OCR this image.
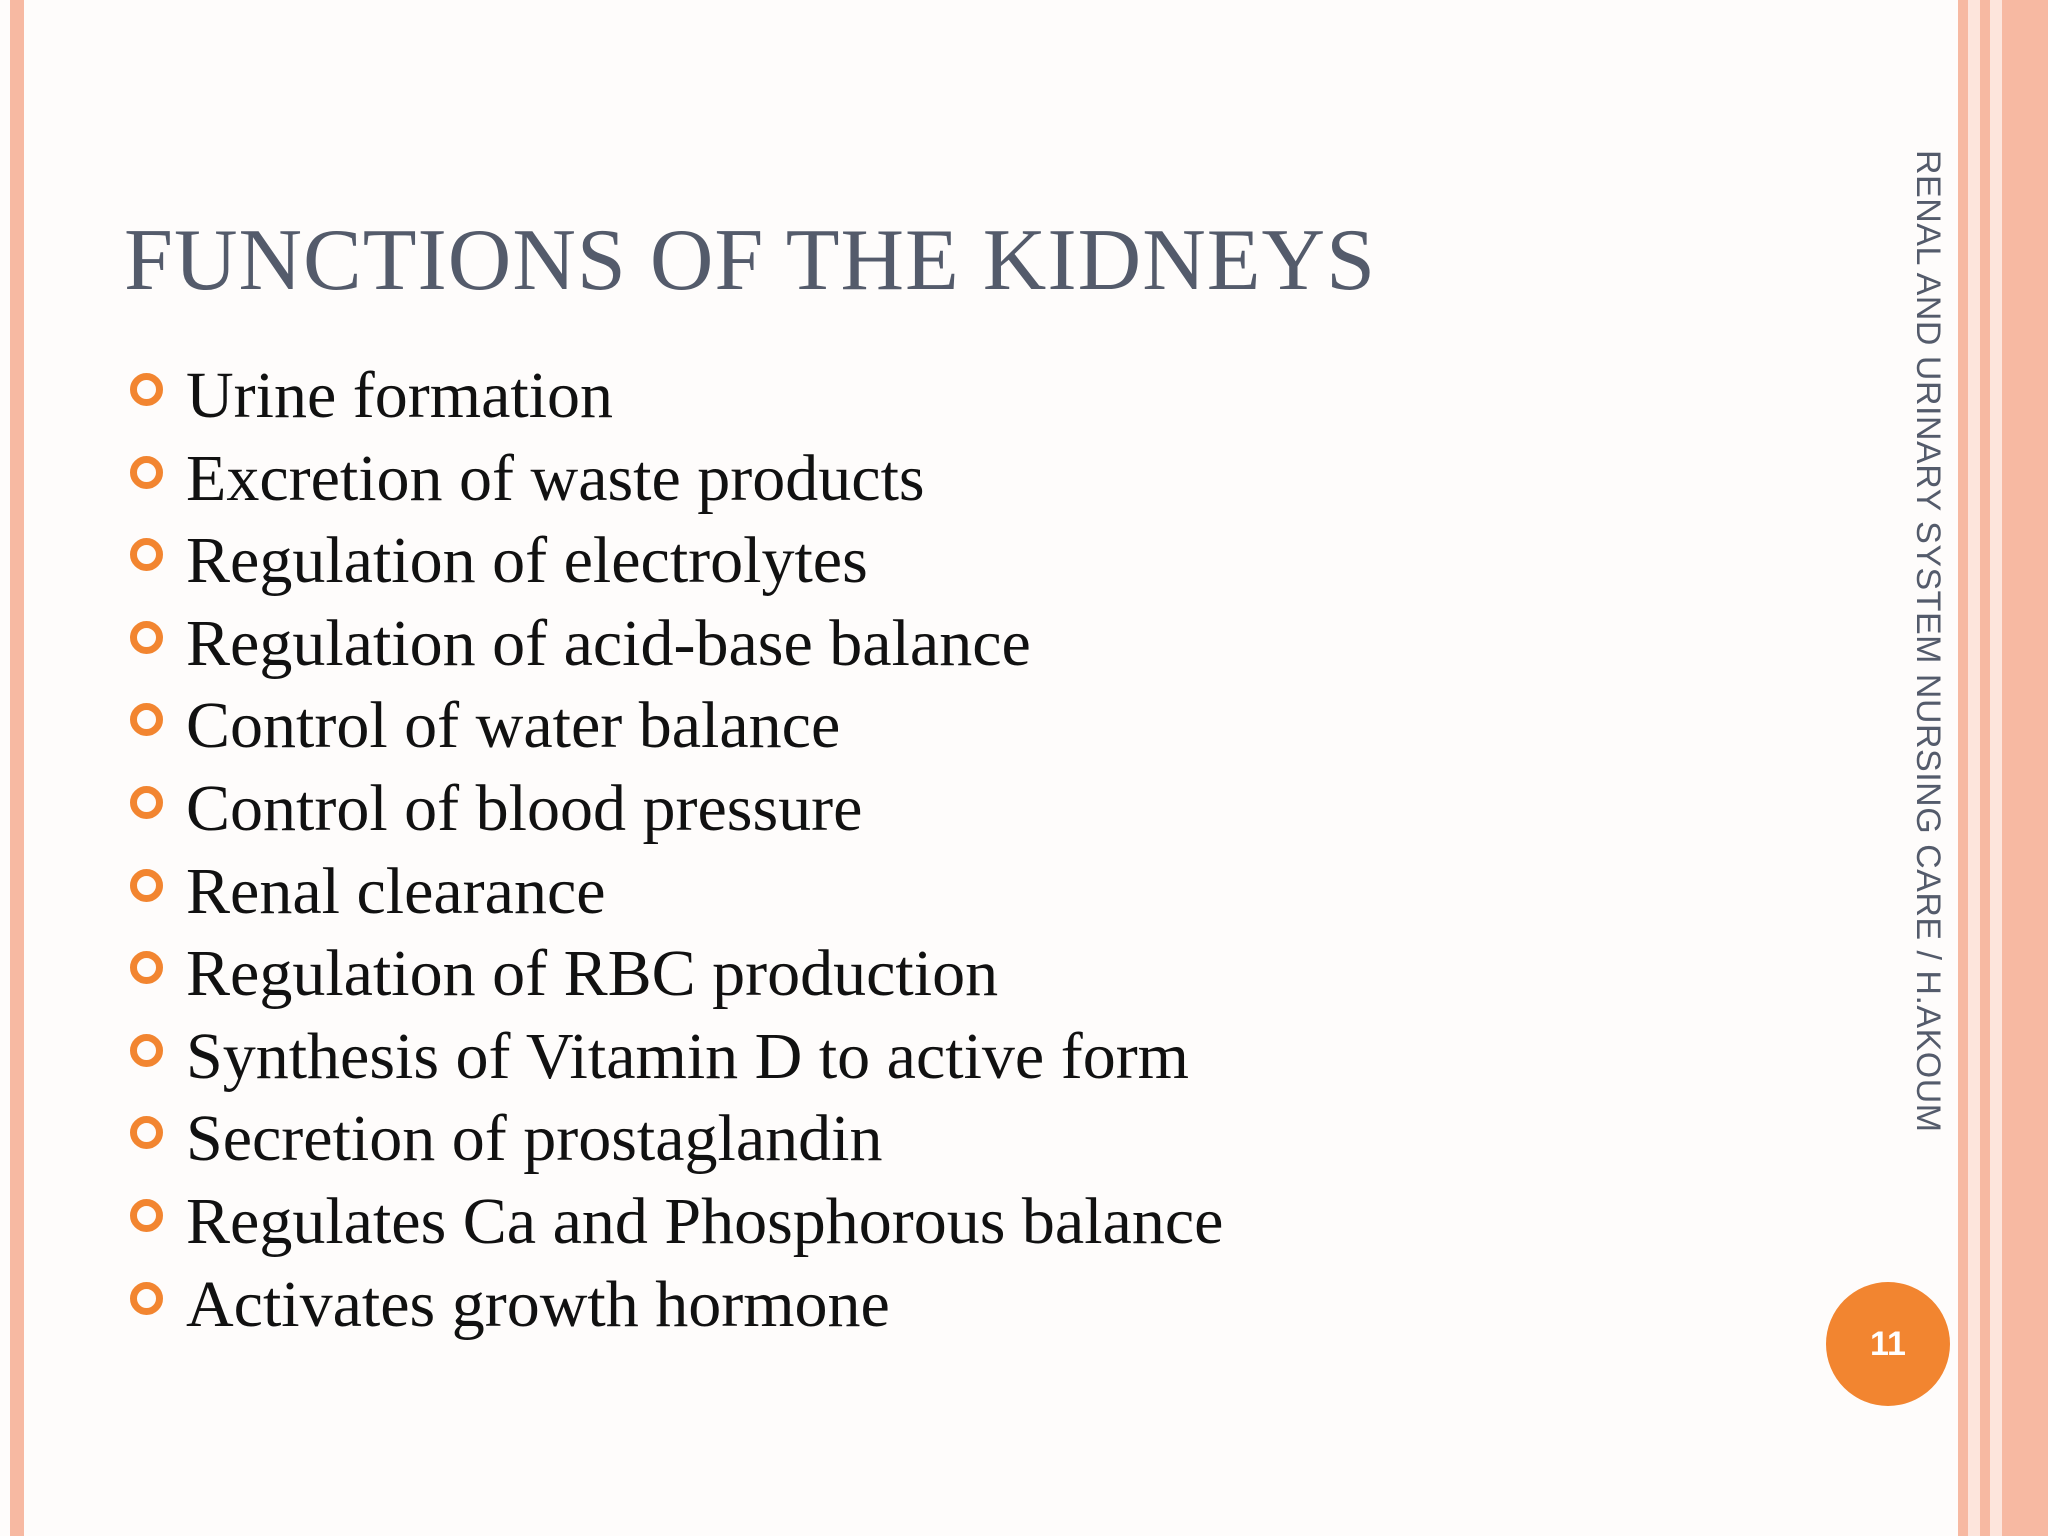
FUNCTIONS OF THE KIDNEYS
Urine formation
Excretion of waste products
Regulation of electrolytes
Regulation of acid-base balance
Control of water balance
Control of blood pressure
Renal clearance
Regulation of RBC production
Synthesis of Vitamin D to active form
Secretion of prostaglandin
Regulates Ca and Phosphorous balance
Activates growth hormone
RENAL AND URINARY SYSTEM NURSING CARE / H.AKOUM
11
